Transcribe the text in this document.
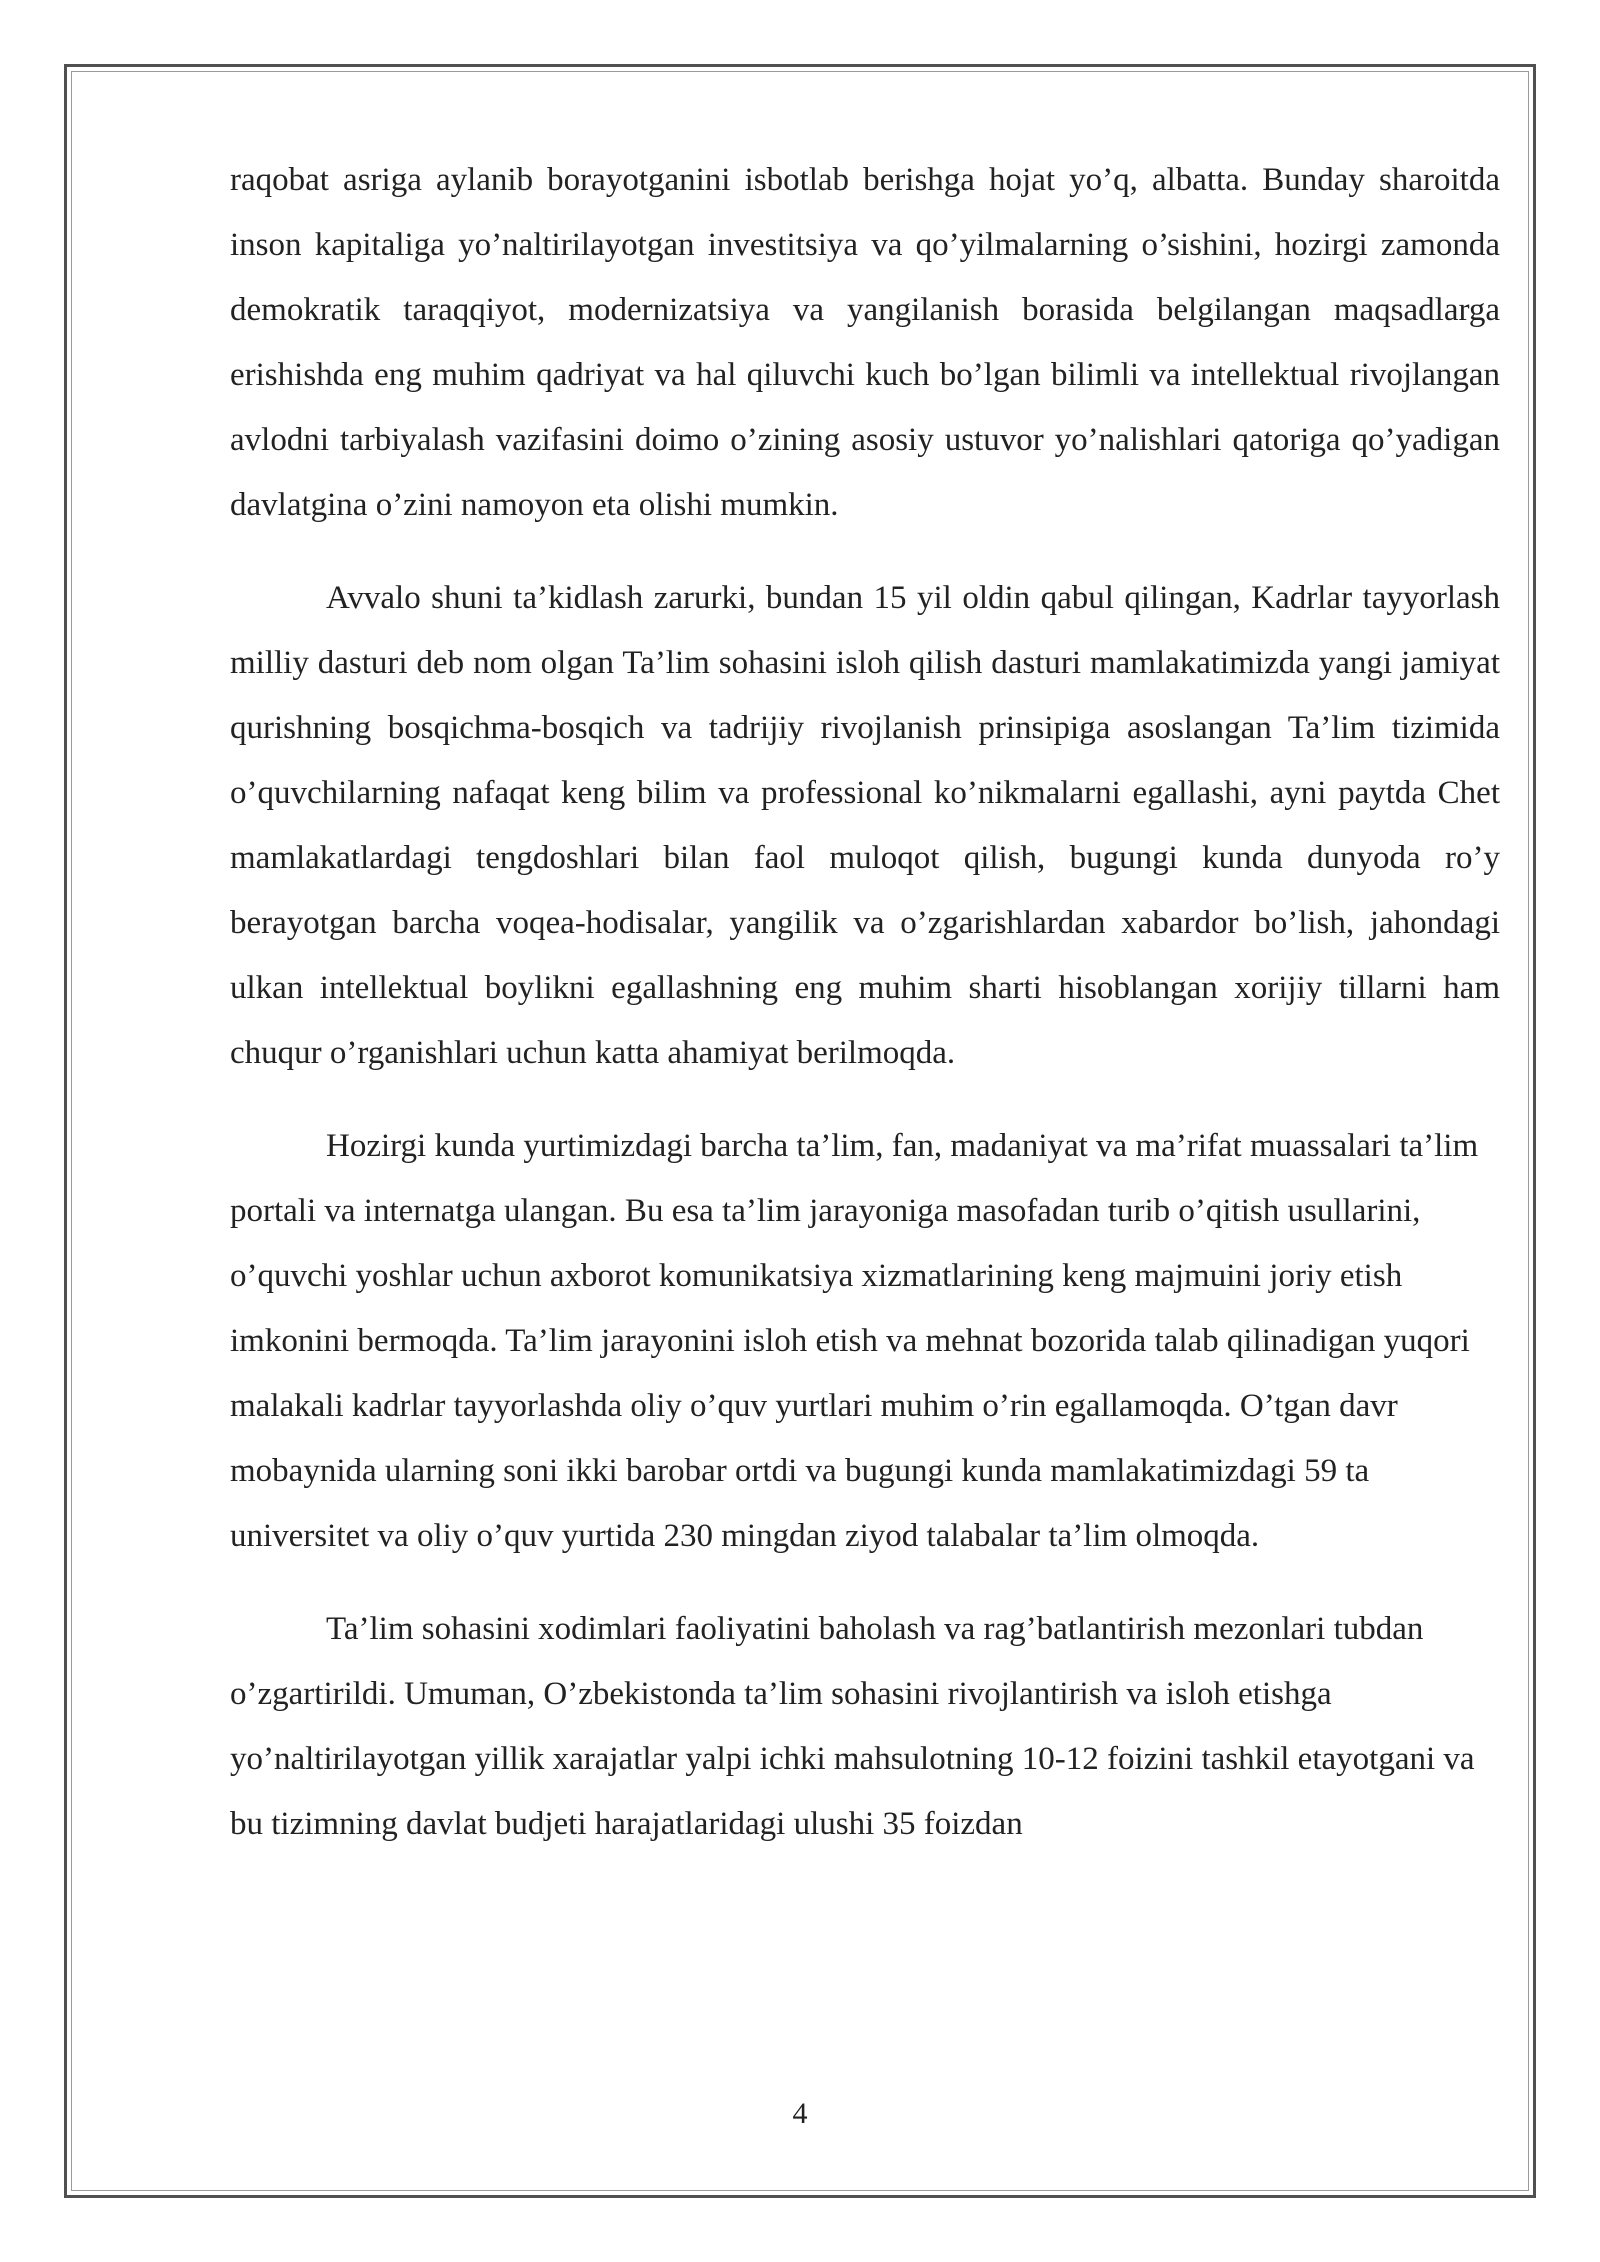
raqobat asriga aylanib borayotganini isbotlab berishga hojat yo’q, albatta. Bunday sharoitda inson kapitaliga yo’naltirilayotgan investitsiya va qo’yilmalarning o’sishini, hozirgi zamonda demokratik taraqqiyot, modernizatsiya va yangilanish borasida belgilangan maqsadlarga erishishda eng muhim qadriyat va hal qiluvchi kuch bo’lgan bilimli va intellektual rivojlangan avlodni tarbiyalash vazifasini doimo o’zining asosiy ustuvor yo’nalishlari qatoriga qo’yadigan davlatgina o’zini namoyon eta olishi mumkin.

Avvalo shuni ta’kidlash zarurki, bundan 15 yil oldin qabul qilingan, Kadrlar tayyorlash milliy dasturi deb nom olgan Ta’lim sohasini isloh qilish dasturi mamlakatimizda yangi jamiyat qurishning bosqichma-bosqich va tadrijiy rivojlanish prinsipiga asoslangan Ta’lim tizimida o’quvchilarning nafaqat keng bilim va professional ko’nikmalarni egallashi, ayni paytda Chet mamlakatlardagi tengdoshlari bilan faol muloqot qilish, bugungi kunda dunyoda ro’y berayotgan barcha voqea-hodisalar, yangilik va o’zgarishlardan xabardor bo’lish, jahondagi ulkan intellektual boylikni egallashning eng muhim sharti hisoblangan xorijiy tillarni ham chuqur o’rganishlari uchun katta ahamiyat berilmoqda.

Hozirgi kunda yurtimizdagi barcha ta’lim, fan, madaniyat va ma’rifat muassalari ta’lim portali va internatga ulangan. Bu esa ta’lim jarayoniga masofadan turib o’qitish usullarini, o’quvchi yoshlar uchun axborot komunikatsiya xizmatlarining keng majmuini joriy etish imkonini bermoqda. Ta’lim jarayonini isloh etish va mehnat bozorida talab qilinadigan yuqori malakali kadrlar tayyorlashda oliy o’quv yurtlari muhim o’rin egallamoqda. O’tgan davr mobaynida ularning soni ikki barobar ortdi va bugungi kunda mamlakatimizdagi 59 ta universitet va oliy o’quv yurtida 230 mingdan ziyod talabalar ta’lim olmoqda.

Ta’lim sohasini xodimlari faoliyatini baholash va rag’batlantirish mezonlari tubdan o’zgartirildi. Umuman, O’zbekistonda ta’lim sohasini rivojlantirish va isloh etishga yo’naltirilayotgan yillik xarajatlar yalpi ichki mahsulotning 10-12 foizini tashkil etayotgani va bu tizimning davlat budjeti harajatlaridagi ulushi 35 foizdan

4
